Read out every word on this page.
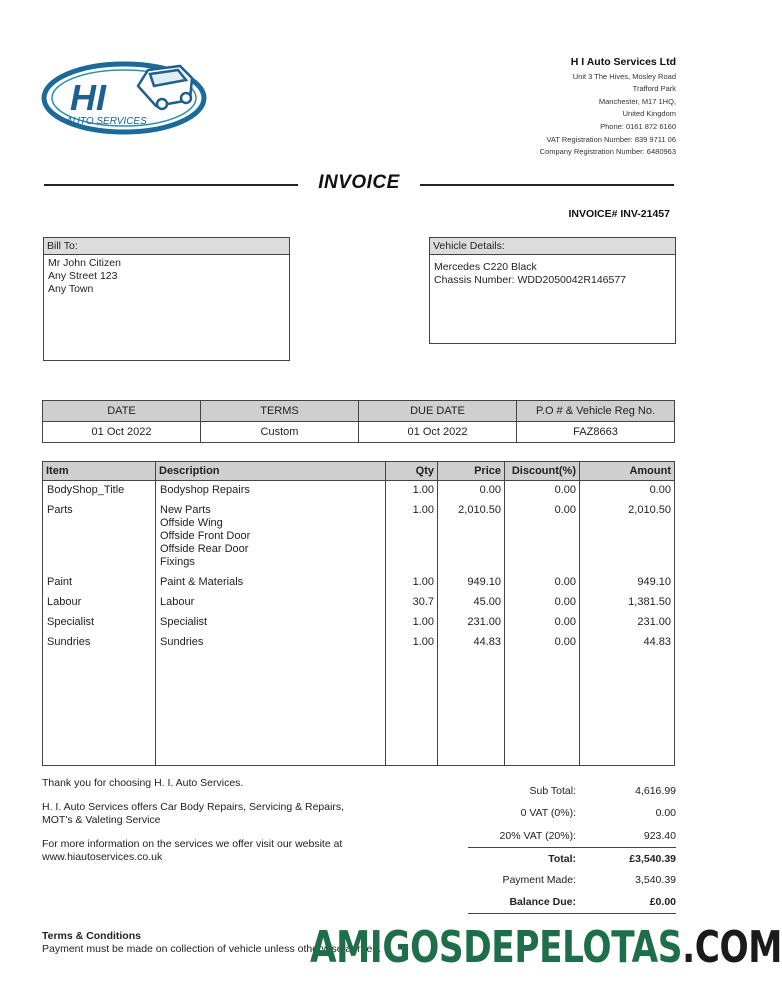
HI
AUTO SERVICES
H I Auto Services Ltd
Unit 3 The Hives, Mosley Road
Trafford Park
Manchester, M17 1HQ,
United Kingdom
Phone: 0161 872 6160
VAT Registration Number: 839 9711 06
Company Registration Number: 6480963
INVOICE
INVOICE# INV-21457
Bill To:
Mr John Citizen
Any Street 123
Any Town
Vehicle Details:
Mercedes C220 Black
Chassis Number: WDD2050042R146577
DATE	TERMS	DUE DATE	P.O # & Vehicle Reg No.
01 Oct 2022	Custom	01 Oct 2022	FAZ8663
Item	Description	Qty	Price	Discount(%)	Amount
BodyShop_Title	Bodyshop Repairs	1.00	0.00	0.00	0.00
Parts	New Parts
Offside Wing
Offside Front Door
Offside Rear Door
Fixings	1.00	2,010.50	0.00	2,010.50
Paint	Paint & Materials	1.00	949.10	0.00	949.10
Labour	Labour	30.7	45.00	0.00	1,381.50
Specialist	Specialist	1.00	231.00	0.00	231.00
Sundries	Sundries	1.00	44.83	0.00	44.83

Thank you for choosing H. I. Auto Services.

H. I. Auto Services offers Car Body Repairs, Servicing & Repairs, MOT's & Valeting Service

For more information on the services we offer visit our website at www.hiautoservices.co.uk

Sub Total:	4,616.99
0 VAT (0%):	0.00
20% VAT (20%):	923.40
Total:	£3,540.39
Payment Made:	3,540.39
Balance Due:	£0.00
Terms & Conditions
Payment must be made on collection of vehicle unless otherwise agreed.
AMIGOSDEPELOTAS.COM
